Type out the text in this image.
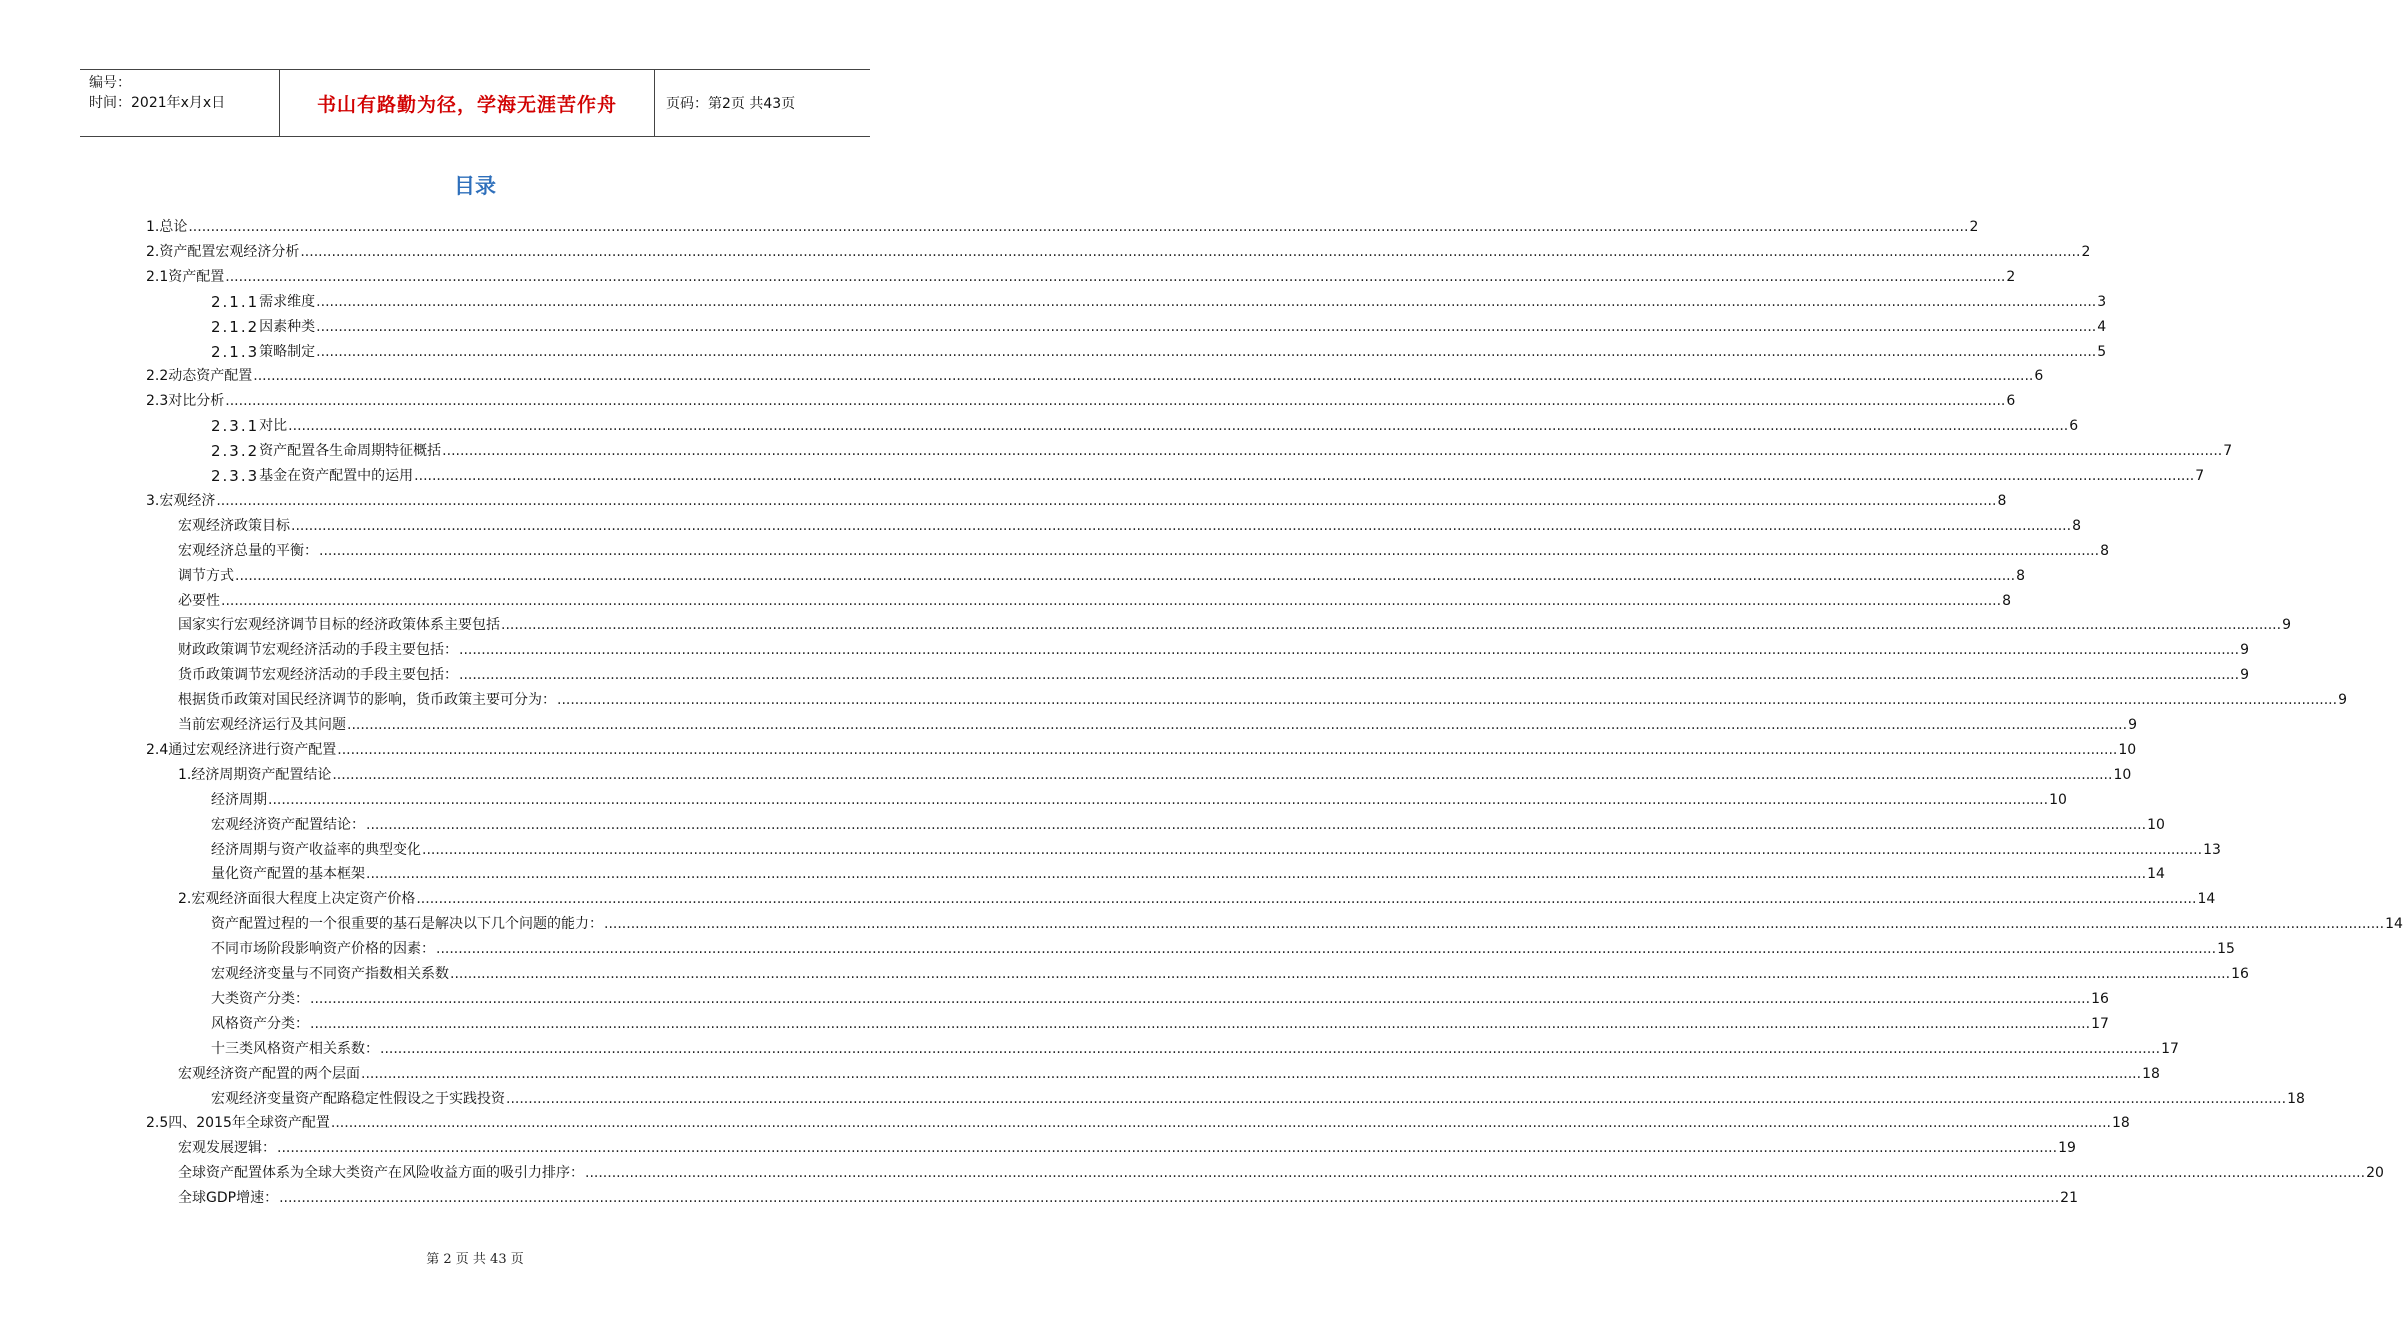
编号：
时间：2021年x月x日	书山有路勤为径，学海无涯苦作舟	页码：第2页 共43页
目录
1. 总论 ................................................................................................................................................................................................................................................................................................................................................................................................................ 2
2. 资产配置宏观经济分析 ................................................................................................................................................................................................................................................................................................................................................................................................................ 2
2.1 资产配置 ................................................................................................................................................................................................................................................................................................................................................................................................................ 2
2.1.1 需求维度 ................................................................................................................................................................................................................................................................................................................................................................................................................ 3
2.1.2 因素种类 ................................................................................................................................................................................................................................................................................................................................................................................................................ 4
2.1.3 策略制定 ................................................................................................................................................................................................................................................................................................................................................................................................................ 5
2.2 动态资产配置 ................................................................................................................................................................................................................................................................................................................................................................................................................ 6
2.3 对比分析 ................................................................................................................................................................................................................................................................................................................................................................................................................ 6
2.3.1 对比 ................................................................................................................................................................................................................................................................................................................................................................................................................ 6
2.3.2 资产配置各生命周期特征概括 ................................................................................................................................................................................................................................................................................................................................................................................................................ 7
2.3.3 基金在资产配置中的运用 ................................................................................................................................................................................................................................................................................................................................................................................................................ 7
3. 宏观经济 ................................................................................................................................................................................................................................................................................................................................................................................................................ 8
宏观经济政策目标 ................................................................................................................................................................................................................................................................................................................................................................................................................ 8
宏观经济总量的平衡： ................................................................................................................................................................................................................................................................................................................................................................................................................ 8
调节方式 ................................................................................................................................................................................................................................................................................................................................................................................................................ 8
必要性 ................................................................................................................................................................................................................................................................................................................................................................................................................ 8
国家实行宏观经济调节目标的经济政策体系主要包括 ................................................................................................................................................................................................................................................................................................................................................................................................................ 9
财政政策调节宏观经济活动的手段主要包括： ................................................................................................................................................................................................................................................................................................................................................................................................................ 9
货币政策调节宏观经济活动的手段主要包括： ................................................................................................................................................................................................................................................................................................................................................................................................................ 9
根据货币政策对国民经济调节的影响，货币政策主要可分为： ................................................................................................................................................................................................................................................................................................................................................................................................................ 9
当前宏观经济运行及其问题 ................................................................................................................................................................................................................................................................................................................................................................................................................ 9
2.4 通过宏观经济进行资产配置 ................................................................................................................................................................................................................................................................................................................................................................................................................ 10
1.经济周期资产配置结论 ................................................................................................................................................................................................................................................................................................................................................................................................................ 10
经济周期 ................................................................................................................................................................................................................................................................................................................................................................................................................ 10
宏观经济资产配置结论： ................................................................................................................................................................................................................................................................................................................................................................................................................ 10
经济周期与资产收益率的典型变化 ................................................................................................................................................................................................................................................................................................................................................................................................................ 13
量化资产配置的基本框架 ................................................................................................................................................................................................................................................................................................................................................................................................................ 14
2.宏观经济面很大程度上决定资产价格 ................................................................................................................................................................................................................................................................................................................................................................................................................ 14
资产配置过程的一个很重要的基石是解决以下几个问题的能力： ................................................................................................................................................................................................................................................................................................................................................................................................................ 14
不同市场阶段影响资产价格的因素： ................................................................................................................................................................................................................................................................................................................................................................................................................ 15
宏观经济变量与不同资产指数相关系数 ................................................................................................................................................................................................................................................................................................................................................................................................................ 16
大类资产分类： ................................................................................................................................................................................................................................................................................................................................................................................................................ 16
风格资产分类： ................................................................................................................................................................................................................................................................................................................................................................................................................ 17
十三类风格资产相关系数： ................................................................................................................................................................................................................................................................................................................................................................................................................ 17
宏观经济资产配置的两个层面 ................................................................................................................................................................................................................................................................................................................................................................................................................ 18
宏观经济变量资产配路稳定性假设之于实践投资 ................................................................................................................................................................................................................................................................................................................................................................................................................ 18
2.5 四、2015年全球资产配置 ................................................................................................................................................................................................................................................................................................................................................................................................................ 18
宏观发展逻辑： ................................................................................................................................................................................................................................................................................................................................................................................................................ 19
全球资产配置体系为全球大类资产在风险收益方面的吸引力排序： ................................................................................................................................................................................................................................................................................................................................................................................................................ 20
全球GDP增速： ................................................................................................................................................................................................................................................................................................................................................................................................................ 21
第 2 页 共 43 页
